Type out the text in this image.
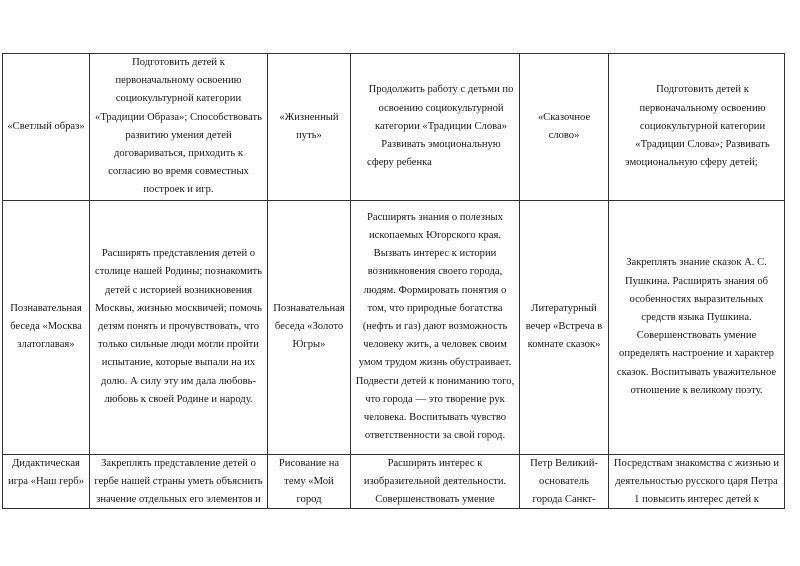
«Светлый образ»	Подготовить детей к первоначальному освоению социокультурной категории «Традиции Образа»; Способствовать развитию умения детей договариваться, приходить к согласию во время совместных построек и игр.	«Жизненный путь»	Продолжить работу с детьми по освоению социокультурной категории «Традиции Слова» Развивать эмоциональную сферу ребенка	«Сказочное слово»	Подготовить детей к первоначальному освоению социокультурной категории «Традиции Слова»; Развивать эмоциональную сферу детей;
Познавательная беседа «Москва златоглавая»	Расширять представления детей о столице нашей Родины; познакомить детей с историей возникновения Москвы, жизнью москвичей; помочь детям понять и прочувствовать, что только сильные люди могли пройти испытание, которые выпали на их долю. А силу эту им дала любовь- любовь к своей Родине и народу.	Познавательная беседа «Золото Югры»	Расширять знания о полезных ископаемых Югорского края. Вызвать интерес к истории возникновения своего города, людям. Формировать понятия о том, что природные богатства (нефть и газ) дают возможность человеку жить, а человек своим умом трудом жизнь обустраивает. Подвести детей к пониманию того, что города — это творение рук человека. Воспитывать чувство ответственности за свой город.	Литературный вечер «Встреча в комнате сказок»	Закреплять знание сказок А. С. Пушкина. Расширять знания об особенностях выразительных средств языка Пушкина. Совершенствовать умение определять настроение и характер сказок. Воспитывать уважительное отношение к великому поэту.

Дидактическая игра «Наш герб»	Закреплять представление детей о гербе нашей страны уметь объяснить значение отдельных его элементов и	Рисование на тему «Мой город	Расширять интерес к изобразительной деятельности. Совершенствовать умение	Петр Великий- основатель города Санкт-	Посредствам знакомства с жизнью и деятельностью русского царя Петра 1 повысить интерес детей к
